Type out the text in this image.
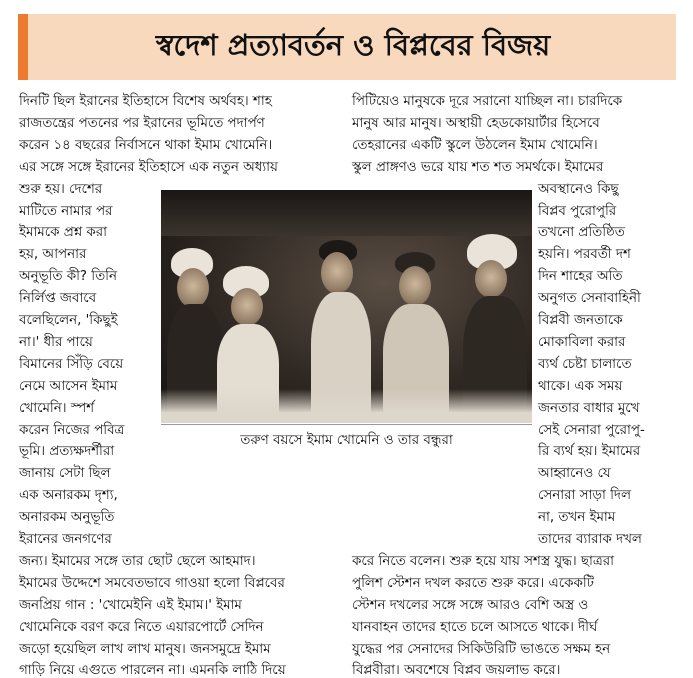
স্বদেশ প্রত্যাবর্তন ও বিপ্লবের বিজয়
দিনটি ছিল ইরানের ইতিহাসে বিশেষ অর্থবহ। শাহ
রাজতন্ত্রের পতনের পর ইরানের ভূমিতে পদার্পণ
করেন ১৪ বছরের নির্বাসনে থাকা ইমাম খোমেনি।
এর সঙ্গে সঙ্গে ইরানের ইতিহাসে এক নতুন অধ্যায়
শুরু হয়। দেশের
মাটিতে নামার পর
ইমামকে প্রশ্ন করা
হয়, আপনার
অনুভূতি কী? তিনি
নির্লিপ্ত জবাবে
বলেছিলেন, 'কিছুই
না।' ধীর পায়ে
বিমানের সিঁড়ি বেয়ে
নেমে আসেন ইমাম
খোমেনি। স্পর্শ
করেন নিজের পবিত্র
ভূমি। প্রত্যক্ষদর্শীরা
জানায় সেটা ছিল
এক অনারকম দৃশ্য,
অনারকম অনুভূতি
ইরানের জনগণের
জন্য। ইমামের সঙ্গে তার ছোট ছেলে আহমাদ।
ইমামের উদ্দেশে সমবেতভাবে গাওয়া হলো বিপ্লবের
জনপ্রিয় গান : 'খোমেইনি এই ইমাম।' ইমাম
খোমেনিকে বরণ করে নিতে এয়ারপোর্টে সেদিন
জড়ো হয়েছিল লাখ লাখ মানুষ। জনসমুদ্রে ইমাম
গাড়ি নিয়ে এগুতে পারলেন না। এমনকি লাঠি দিয়ে
পিটিয়েও মানুষকে দূরে সরানো যাচ্ছিল না। চারদিকে
মানুষ আর মানুষ। অস্থায়ী হেডকোয়ার্টার হিসেবে
তেহরানের একটি স্কুলে উঠলেন ইমাম খোমেনি।
স্কুল প্রাঙ্গণও ভরে যায় শত শত সমর্থকে। ইমামের
অবস্থানেও কিছু
বিপ্লব পুরোপুরি
তখনো প্রতিষ্ঠিত
হয়নি। পরবর্তী দশ
দিন শাহের অতি
অনুগত সেনাবাহিনী
বিপ্লবী জনতাকে
মোকাবিলা করার
ব্যর্থ চেষ্টা চালাতে
থাকে। এক সময়
জনতার বাধার মুখে
সেই সেনারা পুরোপু-
রি ব্যর্থ হয়। ইমামের
আহ্বানেও যে
সেনারা সাড়া দিল
না, তখন ইমাম
তাদের ব্যারাক দখল
করে নিতে বলেন। শুরু হয়ে যায় সশস্ত্র যুদ্ধ। ছাত্ররা
পুলিশ স্টেশন দখল করতে শুরু করে। একেকটি
স্টেশন দখলের সঙ্গে সঙ্গে আরও বেশি অস্ত্র ও
যানবাহন তাদের হাতে চলে আসতে থাকে। দীর্ঘ
যুদ্ধের পর সেনাদের সিকিউরিটি ভাঙতে সক্ষম হন
বিপ্লবীরা। অবশেষে বিপ্লব জয়লাভ করে।
তরুণ বয়সে ইমাম খোমেনি ও তার বন্ধুরা
